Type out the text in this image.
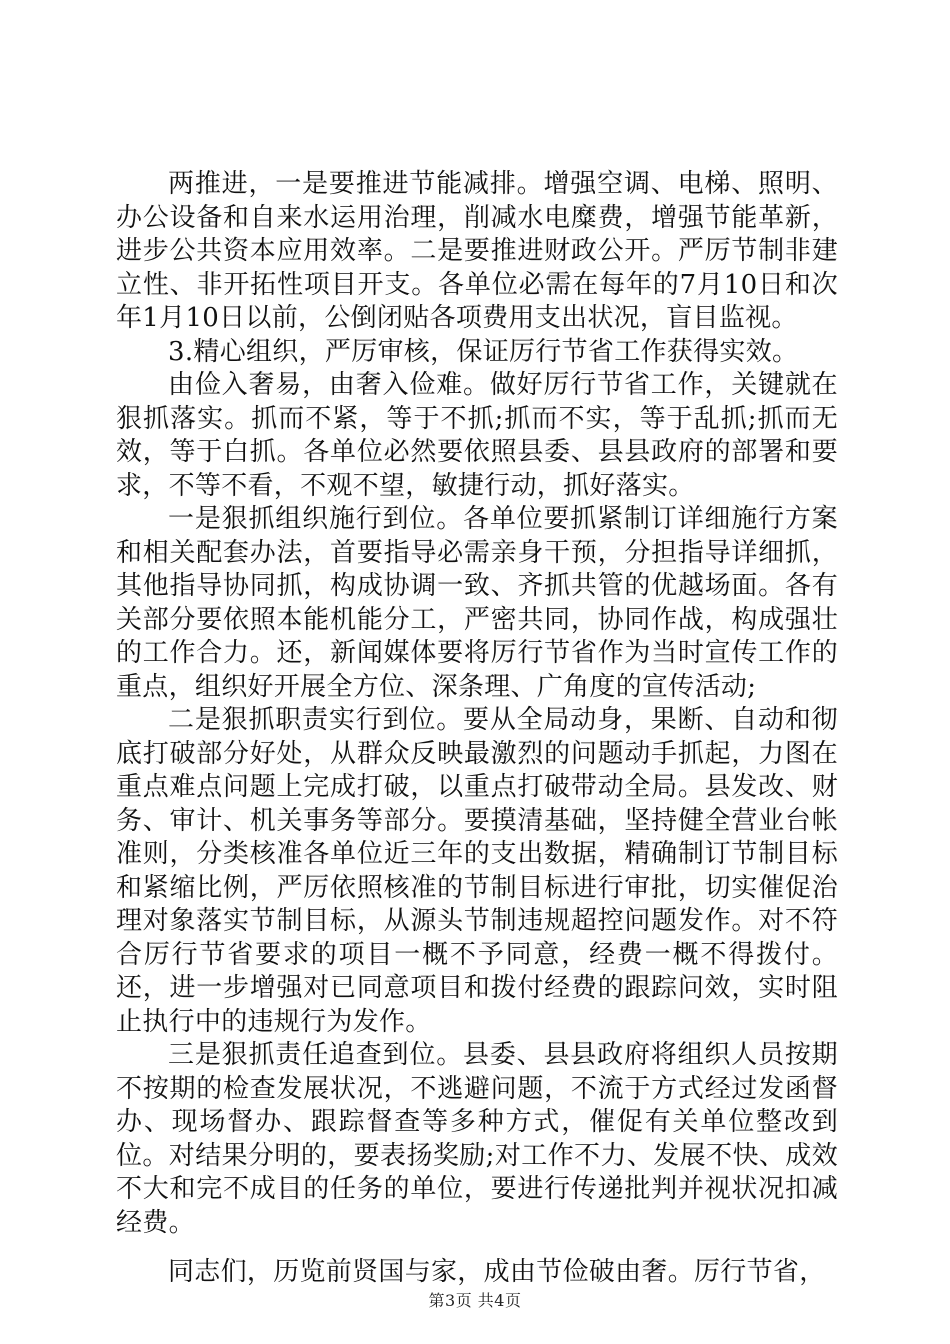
两推进，一是要推进节能减排。增强空调、电梯、照明、办公设备和自来水运用治理，削减水电糜费，增强节能革新，进步公共资本应用效率。二是要推进财政公开。严厉节制非建立性、非开拓性项目开支。各单位必需在每年的7月10日和次年1月10日以前，公倒闭贴各项费用支出状况，盲目监视。

3.精心组织，严厉审核，保证厉行节省工作获得实效。

由俭入奢易，由奢入俭难。做好厉行节省工作，关键就在狠抓落实。抓而不紧，等于不抓;抓而不实，等于乱抓;抓而无效，等于白抓。各单位必然要依照县委、县县政府的部署和要求，不等不看，不观不望，敏捷行动，抓好落实。

一是狠抓组织施行到位。各单位要抓紧制订详细施行方案和相关配套办法，首要指导必需亲身干预，分担指导详细抓，其他指导协同抓，构成协调一致、齐抓共管的优越场面。各有关部分要依照本能机能分工，严密共同，协同作战，构成强壮的工作合力。还，新闻媒体要将厉行节省作为当时宣传工作的重点，组织好开展全方位、深条理、广角度的宣传活动;

二是狠抓职责实行到位。要从全局动身，果断、自动和彻底打破部分好处，从群众反映最激烈的问题动手抓起，力图在重点难点问题上完成打破，以重点打破带动全局。县发改、财务、审计、机关事务等部分。要摸清基础，坚持健全营业台帐准则，分类核准各单位近三年的支出数据，精确制订节制目标和紧缩比例，严厉依照核准的节制目标进行审批，切实催促治理对象落实节制目标，从源头节制违规超控问题发作。对不符合厉行节省要求的项目一概不予同意，经费一概不得拨付。还，进一步增强对已同意项目和拨付经费的跟踪问效，实时阻止执行中的违规行为发作。

三是狠抓责任追查到位。县委、县县政府将组织人员按期不按期的检查发展状况，不逃避问题，不流于方式经过发函督办、现场督办、跟踪督查等多种方式，催促有关单位整改到位。对结果分明的，要表扬奖励;对工作不力、发展不快、成效不大和完不成目的任务的单位，要进行传递批判并视状况扣减经费。

同志们，历览前贤国与家，成由节俭破由奢。厉行节省，

第3页 共4页
